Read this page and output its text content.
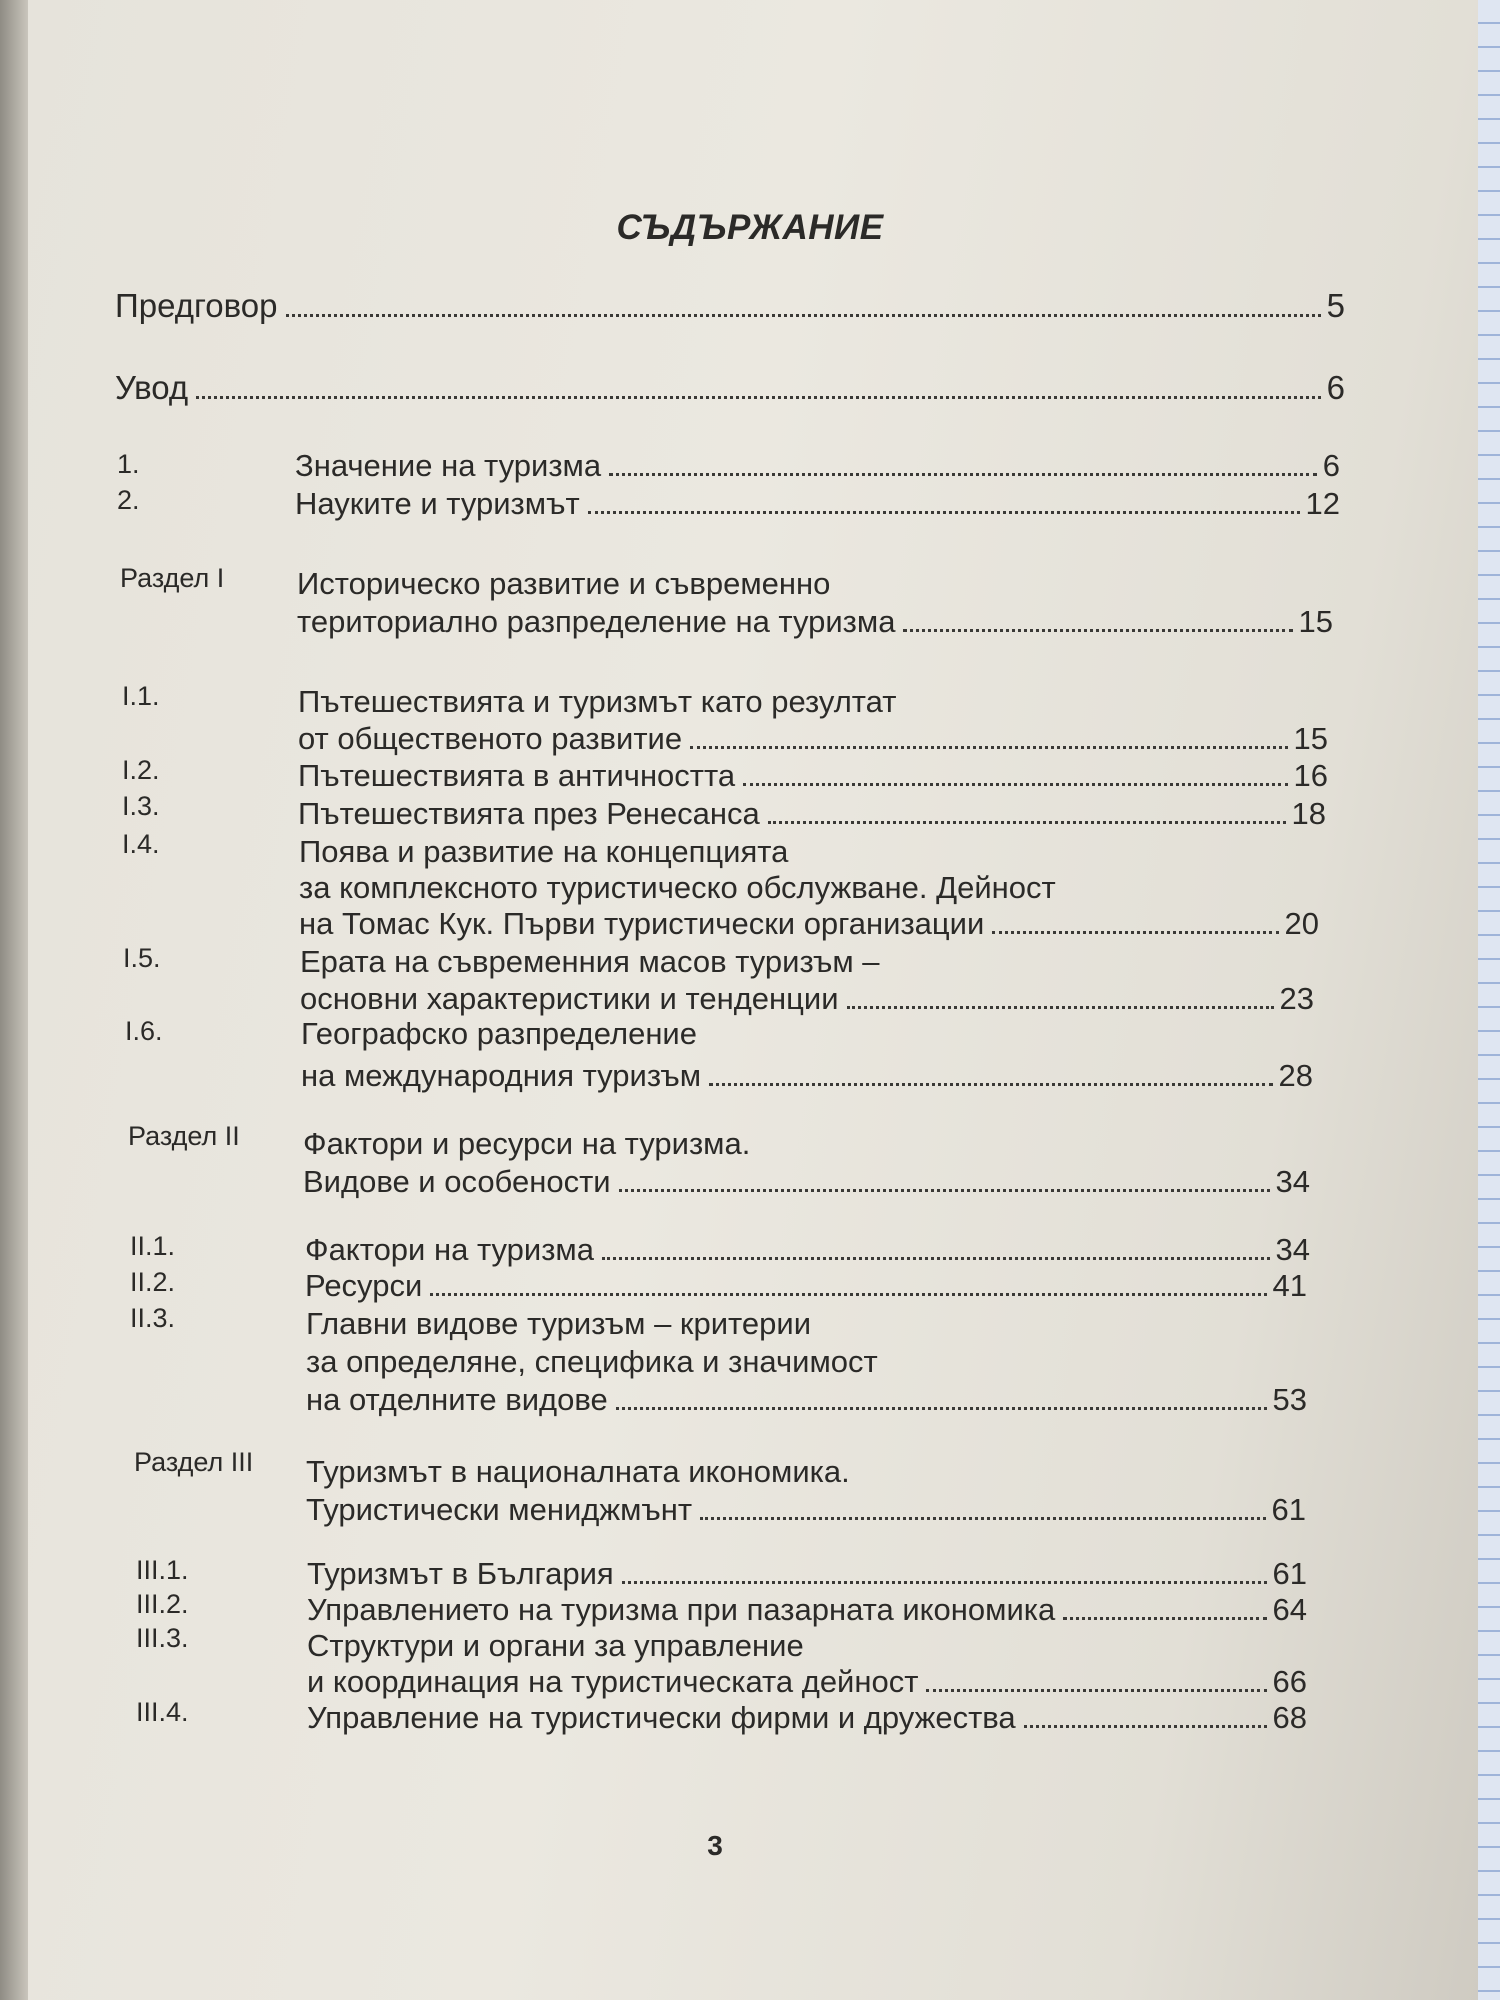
СЪДЪРЖАНИЕ
Предговор	5
Увод	6
1.	Значение на туризма	6
2.	Науките и туризмът	12
Раздел I Историческо развитие и съвременно
териториално разпределение на туризма	15
I.1.	Пътешествията и туризмът като резултат
от общественото развитие	15
I.2.	Пътешествията в античността	16
I.3.	Пътешествията през Ренесанса	18
I.4.	Поява и развитие на концепцията
за комплексното туристическо обслужване. Дейност
на Томас Кук. Първи туристически организации	20
I.5.	Ерата на съвременния масов туризъм –
основни характеристики и тенденции	23
I.6.	Географско разпределение
на международния туризъм	28
Раздел II Фактори и ресурси на туризма.
Видове и особености	34
II.1.	Фактори на туризма	34
II.2.	Ресурси	41
II.3.	Главни видове туризъм – критерии
за определяне, специфика и значимост
на отделните видове	53
Раздел III Туризмът в националната икономика.
Туристически мениджмънт	61
III.1.	Туризмът в България	61
III.2.	Управлението на туризма при пазарната икономика	64
III.3.	Структури и органи за управление
и координация на туристическата дейност	66
III.4.	Управление на туристически фирми и дружества	68
3
